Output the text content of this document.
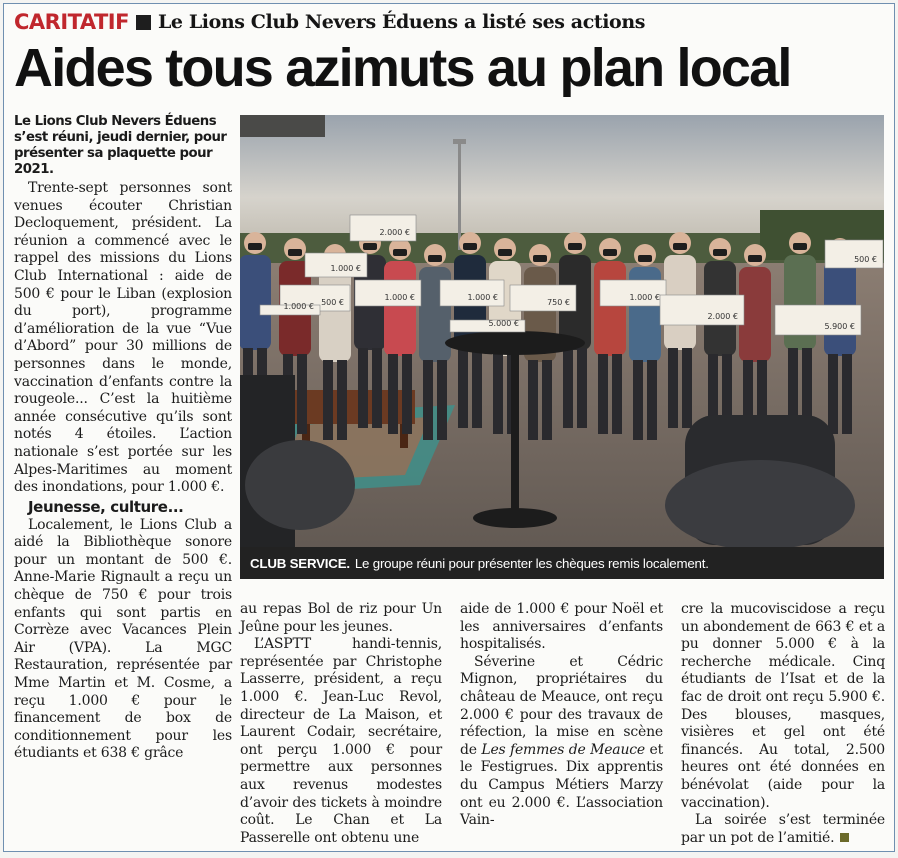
CARITATIF Le Lions Club Nevers Éduens a listé ses actions
Aides tous azimuts au plan local
Le Lions Club Nevers Éduens s’est réuni, jeudi dernier, pour présenter sa plaquette pour 2021.

Trente-sept personnes sont venues écouter Christian Decloquement, président. La réunion a commencé avec le rappel des missions du Lions Club International : aide de 500 € pour le Liban (explosion du port), programme d’amélioration de la vue “Vue d’Abord” pour 30 millions de personnes dans le monde, vaccination d’enfants contre la rougeole... C’est la huitième année consécutive qu’ils sont notés 4 étoiles. L’action nationale s’est portée sur les Alpes-Maritimes au moment des inondations, pour 1.000 €.

Jeunesse, culture...

Localement, le Lions Club a aidé la Bibliothèque sonore pour un montant de 500 €. Anne-Marie Rignault a reçu un chèque de 750 € pour trois enfants qui sont partis en Corrèze avec Vacances Plein Air (VPA). La MGC Restauration, représentée par Mme Martin et M. Cosme, a reçu 1.000 € pour le financement de box de conditionnement pour les étudiants et 638 € grâce

500 €
1.000 €
1.000 €	1.000 €
750 €
1.000 €
2.000 €
2.000 €
5.900 €
500 €
5.000 €
1.000 €
CLUB SERVICE. Le groupe réuni pour présenter les chèques remis localement.

au repas Bol de riz pour Un Jeûne pour les jeunes.

L’ASPTT handi-tennis, représentée par Christophe Lasserre, président, a reçu 1.000 €. Jean-Luc Revol, directeur de La Maison, et Laurent Codair, secrétaire, ont perçu 1.000 € pour permettre aux personnes aux revenus modestes d’avoir des tickets à moindre coût. Le Chan et La Passerelle ont obtenu une

aide de 1.000 € pour Noël et les anniversaires d’enfants hospitalisés.

Séverine et Cédric Mignon, propriétaires du château de Meauce, ont reçu 2.000 € pour des travaux de réfection, la mise en scène de Les femmes de Meauce et le Festigrues. Dix apprentis du Campus Métiers Marzy ont eu 2.000 €. L’association Vain-

cre la mucoviscidose a reçu un abondement de 663 € et a pu donner 5.000 € à la recherche médicale. Cinq étudiants de l’Isat et de la fac de droit ont reçu 5.900 €. Des blouses, masques, visières et gel ont été financés. Au total, 2.500 heures ont été données en bénévolat (aide pour la vaccination).

La soirée s’est terminée par un pot de l’amitié.
